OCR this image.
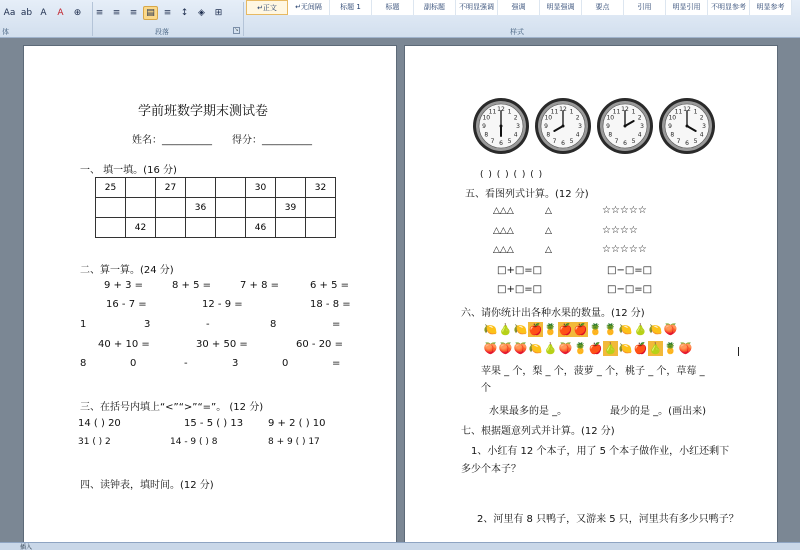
Aa ab A	A	⊕	≡	≡	≡ ▤ ≡	↕	◈	⊞
体	段落	↘
↵正文	↵无间隔	标题 1	标题	副标题	不明显强调	强调	明显强调	要点	引用	明显引用	不明显参考	明显参考
样式
学前班数学期末测试卷
姓名：__________ 得分：__________
一、 填一填。(16 分)
25		27			30		32
			36			39	
	42				46		
二、算一算。(24 分)
9 + 3 =	8 + 5 =	7 + 8 =	6 + 5 =
16 - 7 =	12 - 9 =	18 - 8 =
1	3	-	8	=
40 + 10 =	30 + 50 =	60 - 20 =
8	0	-	3	0	=
三、在括号内填上“<”“>”“=”。 (12 分)
14 ( ) 20	15 - 5 ( ) 13 9 + 2 ( ) 10
31 ( ) 2	14 - 9 ( ) 8	8 + 9 ( ) 17
四、读钟表，填时间。(12 分)
1
2
3
4
5
6
7
8
9
10
11 12	1
2
3
4
5
6
7
8
9
10
11 12	1
2
3
4
5
6
7
8
9
10
11 12	1
2
3
4
5
6
7
8
9
10
11 12
( ) ( ) ( ) ( )
五、看图列式计算。(12 分)
△△△	△	☆☆☆☆☆
△△△	△	☆☆☆☆
△△△	△	☆☆☆☆☆
□+□=□	□−□=□
□+□=□	□−□=□
六、请你统计出各种水果的数量。(12 分)
🍋 🍐 🍋 🍎 🍍 🍎 🍎 🍍 🍍 🍋 🍐 🍋 🍑
🍑 🍑 🍑 🍋 🍐 🍑 🍍 🍎 🍐 🍋 🍎 🍐 🍍 🍑
苹果 _ 个，梨 _ 个，菠萝 _ 个，桃子 _ 个，草莓 _
个
水果最多的是 _。	最少的是 _。(画出来)
七、根据题意列式并计算。(12 分)
1、小红有 12 个本子，用了 5 个本子做作业，小红还剩下
多少个本子？
2、河里有 8 只鸭子，又游来 5 只，河里共有多少只鸭子？
插入
